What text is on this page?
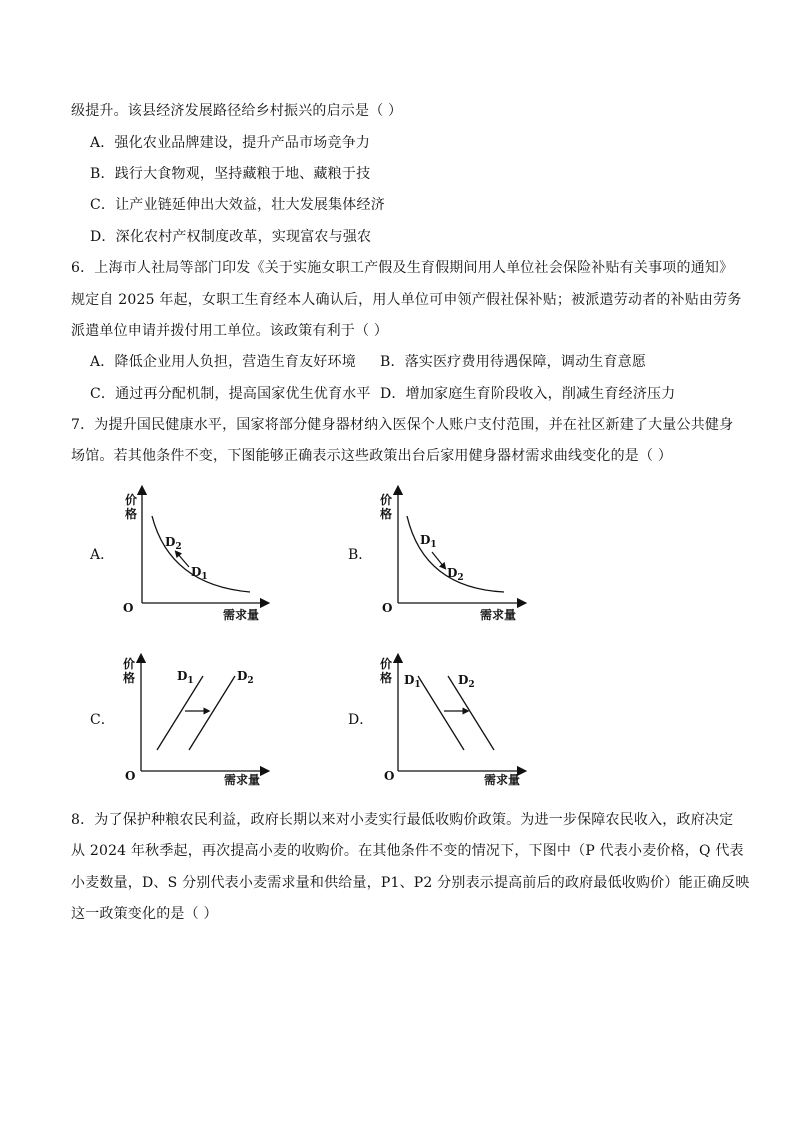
级提升。该县经济发展路径给乡村振兴的启示是（ ）
A．强化农业品牌建设，提升产品市场竞争力
B．践行大食物观，坚持藏粮于地、藏粮于技
C．让产业链延伸出大效益，壮大发展集体经济
D．深化农村产权制度改革，实现富农与强农
6．上海市人社局等部门印发《关于实施女职工产假及生育假期间用人单位社会保险补贴有关事项的通知》
规定自 2025 年起，女职工生育经本人确认后，用人单位可申领产假社保补贴；被派遣劳动者的补贴由劳务
派遣单位申请并拨付用工单位。该政策有利于（ ）
A．降低企业用人负担，营造生育友好环境 B．落实医疗费用待遇保障，调动生育意愿
C．通过再分配机制，提高国家优生优育水平 D．增加家庭生育阶段收入，削减生育经济压力
7．为提升国民健康水平，国家将部分健身器材纳入医保个人账户支付范围，并在社区新建了大量公共健身
场馆。若其他条件不变，下图能够正确表示这些政策出台后家用健身器材需求曲线变化的是（ ）
A．	B．
C．	D．
价格
O	需求量
$D_2$
$D_1$
价格
O	需求量
$D_1$
$D_2$
价格
O	需求量
$D_1$	$D_2$
价格
O	需求量
$D_1$	$D_2$
8．为了保护种粮农民利益，政府长期以来对小麦实行最低收购价政策。为进一步保障农民收入，政府决定
从 2024 年秋季起，再次提高小麦的收购价。在其他条件不变的情况下，下图中（P 代表小麦价格，Q 代表
小麦数量，D、S 分别代表小麦需求量和供给量，P1、P2 分别表示提高前后的政府最低收购价）能正确反映
这一政策变化的是（ ）
